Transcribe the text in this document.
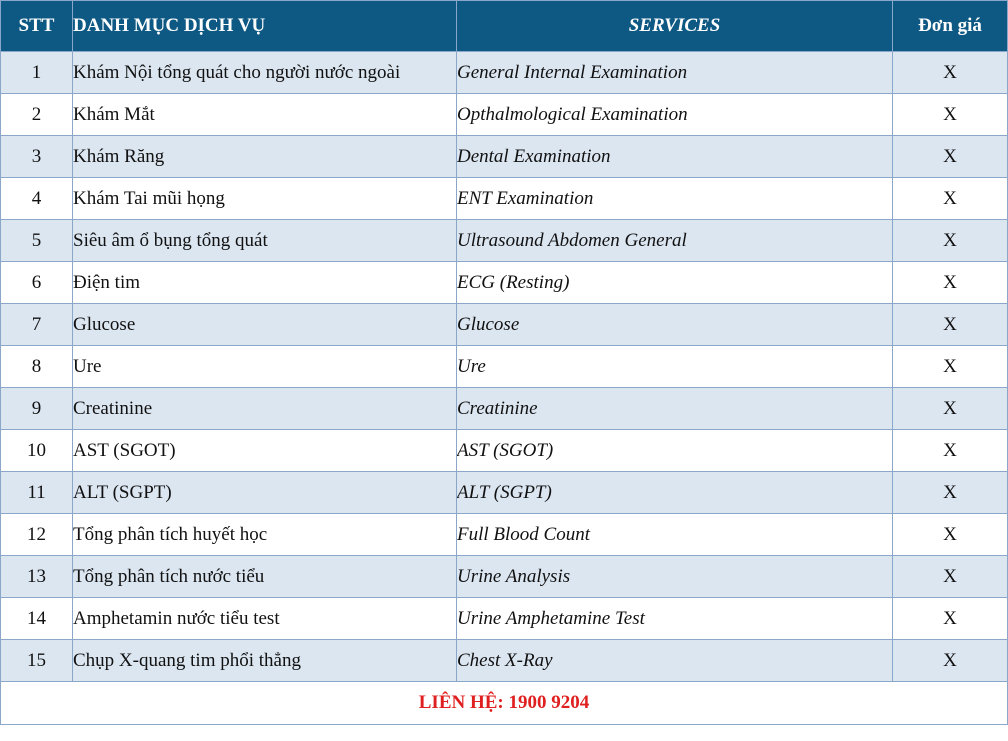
STT	DANH MỤC DỊCH VỤ	SERVICES	Đơn giá
1	Khám Nội tổng quát cho người nước ngoài	General Internal Examination	X
2	Khám Mắt	Opthalmological Examination	X
3	Khám Răng	Dental Examination	X
4	Khám Tai mũi họng	ENT Examination	X
5	Siêu âm ổ bụng tổng quát	Ultrasound Abdomen General	X
6	Điện tim	ECG (Resting)	X
7	Glucose	Glucose	X
8	Ure	Ure	X
9	Creatinine	Creatinine	X
10	AST (SGOT)	AST (SGOT)	X
11	ALT (SGPT)	ALT (SGPT)	X
12	Tổng phân tích huyết học	Full Blood Count	X
13	Tổng phân tích nước tiểu	Urine Analysis	X
14	Amphetamin nước tiểu test	Urine Amphetamine Test	X
15	Chụp X-quang tim phổi thẳng	Chest X-Ray	X
LIÊN HỆ: 1900 9204			
